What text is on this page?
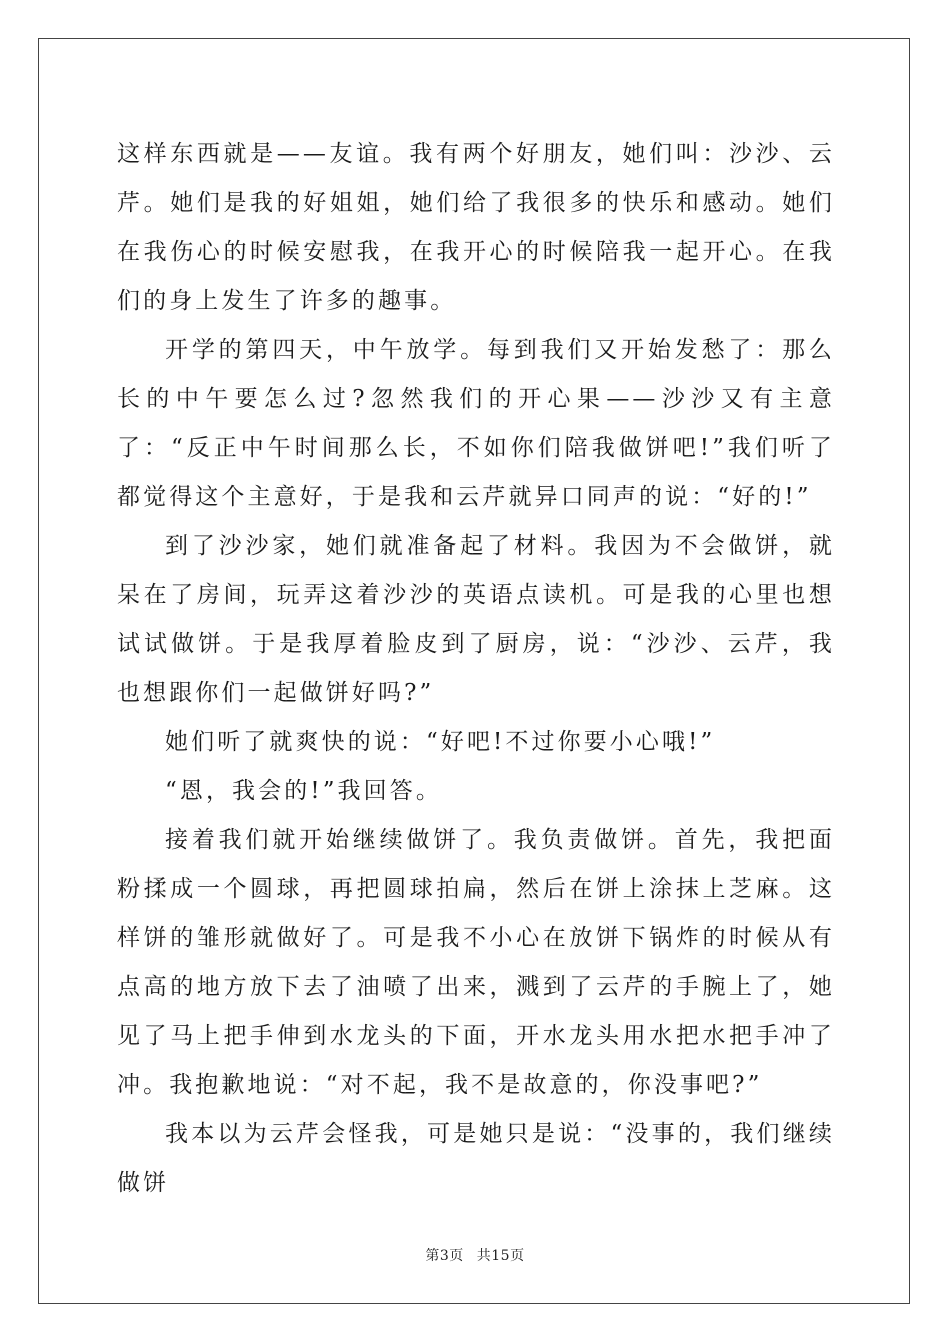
这样东西就是——友谊。我有两个好朋友，她们叫：沙沙、云芹。她们是我的好姐姐，她们给了我很多的快乐和感动。她们在我伤心的时候安慰我，在我开心的时候陪我一起开心。在我们的身上发生了许多的趣事。

开学的第四天，中午放学。每到我们又开始发愁了：那么长的中午要怎么过?忽然我们的开心果——沙沙又有主意了：“反正中午时间那么长，不如你们陪我做饼吧!”我们听了都觉得这个主意好，于是我和云芹就异口同声的说：“好的!”

到了沙沙家，她们就准备起了材料。我因为不会做饼，就呆在了房间，玩弄这着沙沙的英语点读机。可是我的心里也想试试做饼。于是我厚着脸皮到了厨房，说：“沙沙、云芹，我也想跟你们一起做饼好吗?”

她们听了就爽快的说：“好吧!不过你要小心哦!”

“恩，我会的!”我回答。

接着我们就开始继续做饼了。我负责做饼。首先，我把面粉揉成一个圆球，再把圆球拍扁，然后在饼上涂抹上芝麻。这样饼的雏形就做好了。可是我不小心在放饼下锅炸的时候从有点高的地方放下去了油喷了出来，溅到了云芹的手腕上了，她见了马上把手伸到水龙头的下面，开水龙头用水把水把手冲了冲。我抱歉地说：“对不起，我不是故意的，你没事吧?”

我本以为云芹会怪我，可是她只是说：“没事的，我们继续做饼

第3页 共15页
